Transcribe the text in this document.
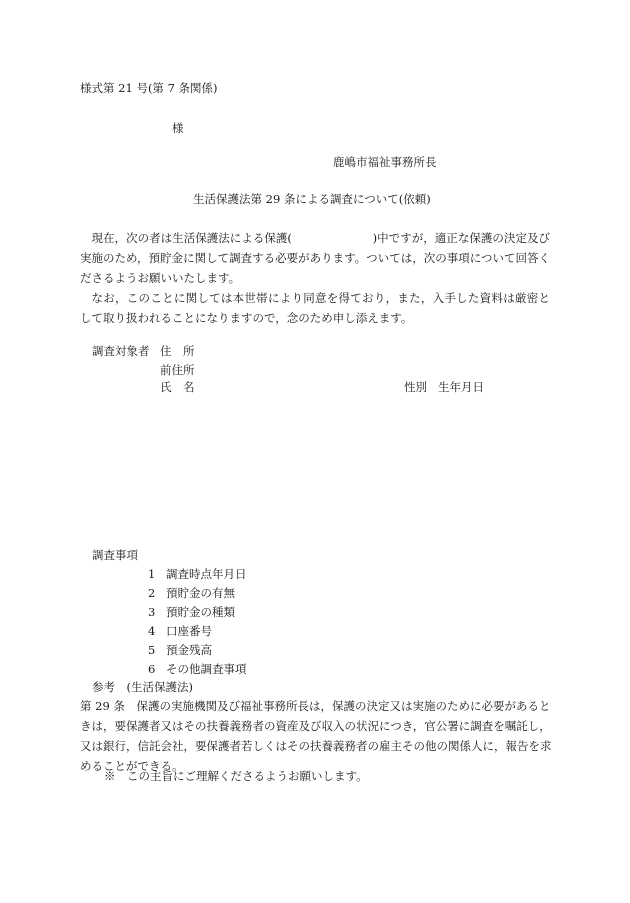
様式第 21 号(第 7 条関係)
様
鹿嶋市福祉事務所長
生活保護法第 29 条による調査について(依頼)
現在，次の者は生活保護法による保護(　　　　　　　)中ですが，適正な保護の決定及び実施のため，預貯金に関して調査する必要があります。ついては，次の事項について回答くださるようお願いいたします。
なお，このことに関しては本世帯により同意を得ており，また，入手した資料は厳密として取り扱われることになりますので，念のため申し添えます。
調査対象者 住　所
前住所
氏　名	性別 生年月日
調査事項
1 調査時点年月日
2 預貯金の有無
3 預貯金の種類
4 口座番号
5 預金残高
6 その他調査事項
参考　(生活保護法)
第 29 条　 保護の実施機関及び福祉事務所長は，保護の決定又は実施のために必要があるときは，要保護者又はその扶養義務者の資産及び収入の状況につき，官公署に調査を嘱託し，又は銀行，信託会社，要保護者若しくはその扶養義務者の雇主その他の関係人に，報告を求めることができる。
※　 この主旨にご理解くださるようお願いします。
